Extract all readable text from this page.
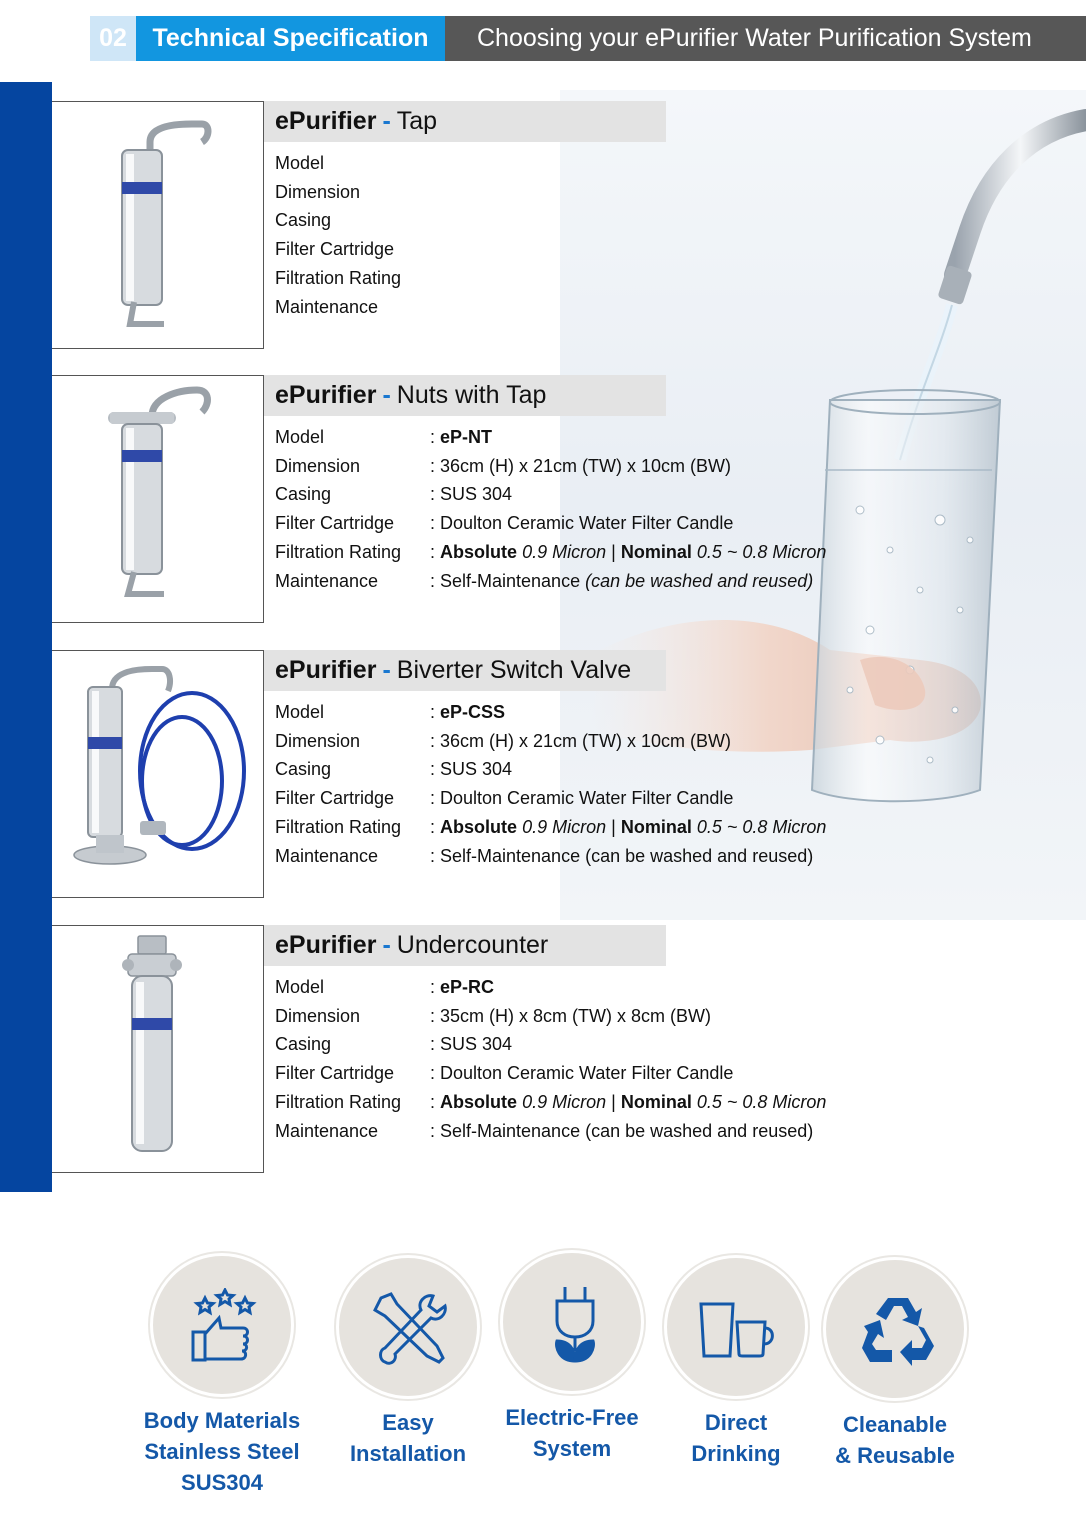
02	Technical Specification	Choosing your ePurifier Water Purification System
ePurifier - Tap
Model
Dimension
Casing
Filter Cartridge
Filtration Rating
Maintenance
ePurifier - Nuts with Tap
Model	: eP-NT
Dimension	: 36cm (H) x 21cm (TW) x 10cm (BW)
Casing	: SUS 304
Filter Cartridge	: Doulton Ceramic Water Filter Candle
Filtration Rating	: Absolute 0.9 Micron | Nominal 0.5 ~ 0.8 Micron
Maintenance	: Self-Maintenance (can be washed and reused)
ePurifier - Biverter Switch Valve
Model	: eP-CSS
Dimension	: 36cm (H) x 21cm (TW) x 10cm (BW)
Casing	: SUS 304
Filter Cartridge	: Doulton Ceramic Water Filter Candle
Filtration Rating	: Absolute 0.9 Micron | Nominal 0.5 ~ 0.8 Micron
Maintenance	: Self-Maintenance (can be washed and reused)
ePurifier - Undercounter
Model	: eP-RC
Dimension	: 35cm (H) x 8cm (TW) x 8cm (BW)
Casing	: SUS 304
Filter Cartridge	: Doulton Ceramic Water Filter Candle
Filtration Rating	: Absolute 0.9 Micron | Nominal 0.5 ~ 0.8 Micron
Maintenance	: Self-Maintenance (can be washed and reused)
Body Materials
Stainless Steel
SUS304
Easy
Installation
Electric-Free
System
Direct
Drinking
Cleanable
& Reusable
